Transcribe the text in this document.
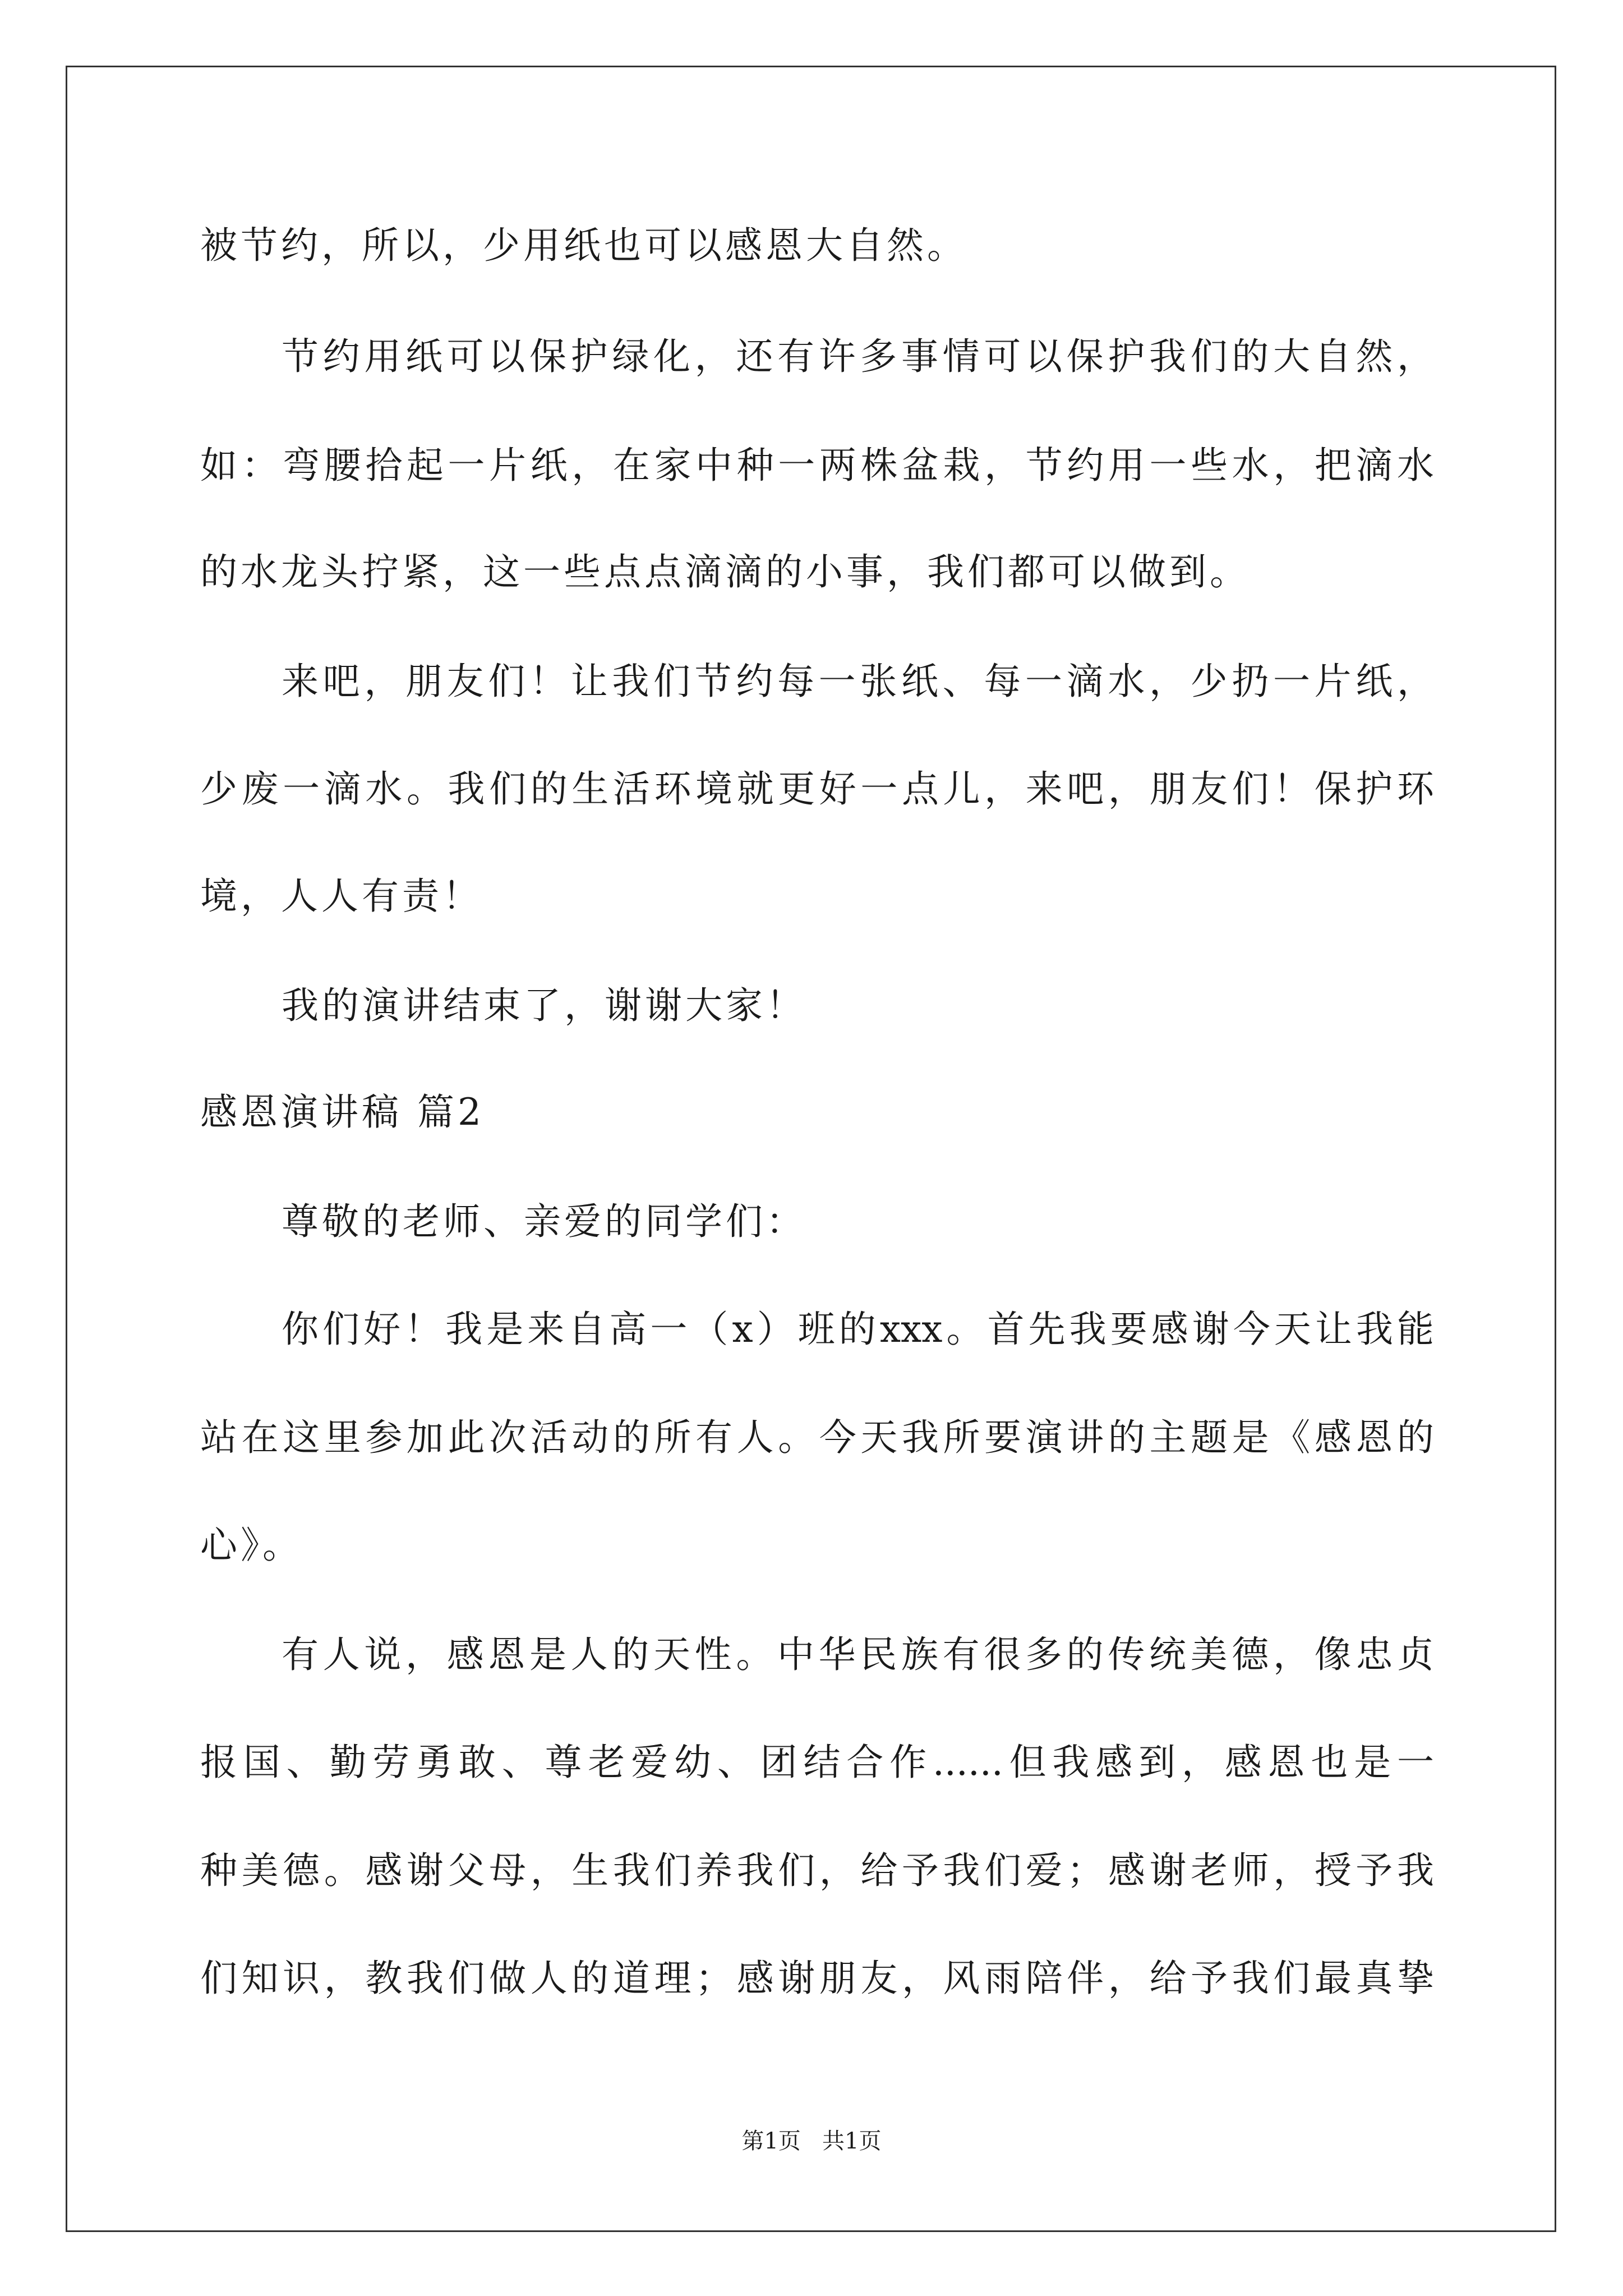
被节约，所以，少用纸也可以感恩大自然。
节约用纸可以保护绿化，还有许多事情可以保护我们的大自然，
如：弯腰拾起一片纸，在家中种一两株盆栽，节约用一些水，把滴水
的水龙头拧紧，这一些点点滴滴的小事，我们都可以做到。
来吧，朋友们！让我们节约每一张纸、每一滴水，少扔一片纸，
少废一滴水。我们的生活环境就更好一点儿，来吧，朋友们！保护环
境，人人有责！
我的演讲结束了，谢谢大家！
感恩演讲稿 篇2
尊敬的老师、亲爱的同学们：
你们好！我是来自高一（x）班的xxx。首先我要感谢今天让我能
站在这里参加此次活动的所有人。今天我所要演讲的主题是《感恩的
心》。
有人说，感恩是人的天性。中华民族有很多的传统美德，像忠贞
报国、勤劳勇敢、尊老爱幼、团结合作......但我感到，感恩也是一
种美德。感谢父母，生我们养我们，给予我们爱；感谢老师，授予我
们知识，教我们做人的道理；感谢朋友，风雨陪伴，给予我们最真挚
第1页   共1页
